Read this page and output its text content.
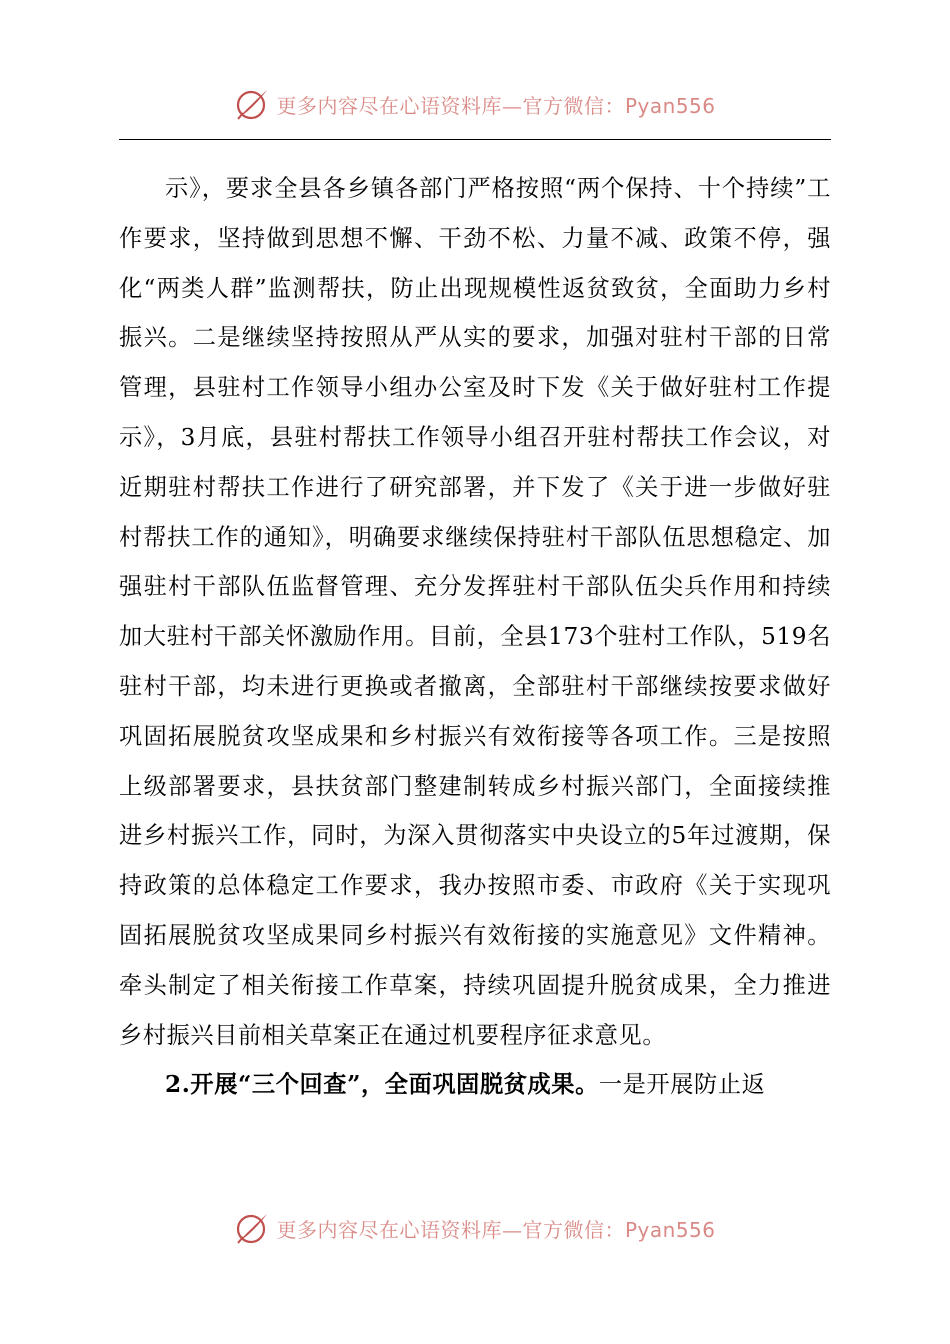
更多内容尽在心语资料库—官方微信：Pyan556

示》，要求全县各乡镇各部门严格按照“两个保持、十个持续”工作要求，坚持做到思想不懈、干劲不松、力量不减、政策不停，强化“两类人群”监测帮扶，防止出现规模性返贫致贫，全面助力乡村振兴。二是继续坚持按照从严从实的要求，加强对驻村干部的日常管理，县驻村工作领导小组办公室及时下发《关于做好驻村工作提示》，3月底，县驻村帮扶工作领导小组召开驻村帮扶工作会议，对近期驻村帮扶工作进行了研究部署，并下发了《关于进一步做好驻村帮扶工作的通知》，明确要求继续保持驻村干部队伍思想稳定、加强驻村干部队伍监督管理、充分发挥驻村干部队伍尖兵作用和持续加大驻村干部关怀激励作用。目前，全县173个驻村工作队，519名驻村干部，均未进行更换或者撤离，全部驻村干部继续按要求做好巩固拓展脱贫攻坚成果和乡村振兴有效衔接等各项工作。三是按照上级部署要求，县扶贫部门整建制转成乡村振兴部门，全面接续推进乡村振兴工作，同时，为深入贯彻落实中央设立的5年过渡期，保持政策的总体稳定工作要求，我办按照市委、市政府《关于实现巩固拓展脱贫攻坚成果同乡村振兴有效衔接的实施意见》文件精神。牵头制定了相关衔接工作草案，持续巩固提升脱贫成果，全力推进乡村振兴目前相关草案正在通过机要程序征求意见。

2.开展“三个回查”，全面巩固脱贫成果。一是开展防止返

更多内容尽在心语资料库—官方微信：Pyan556
